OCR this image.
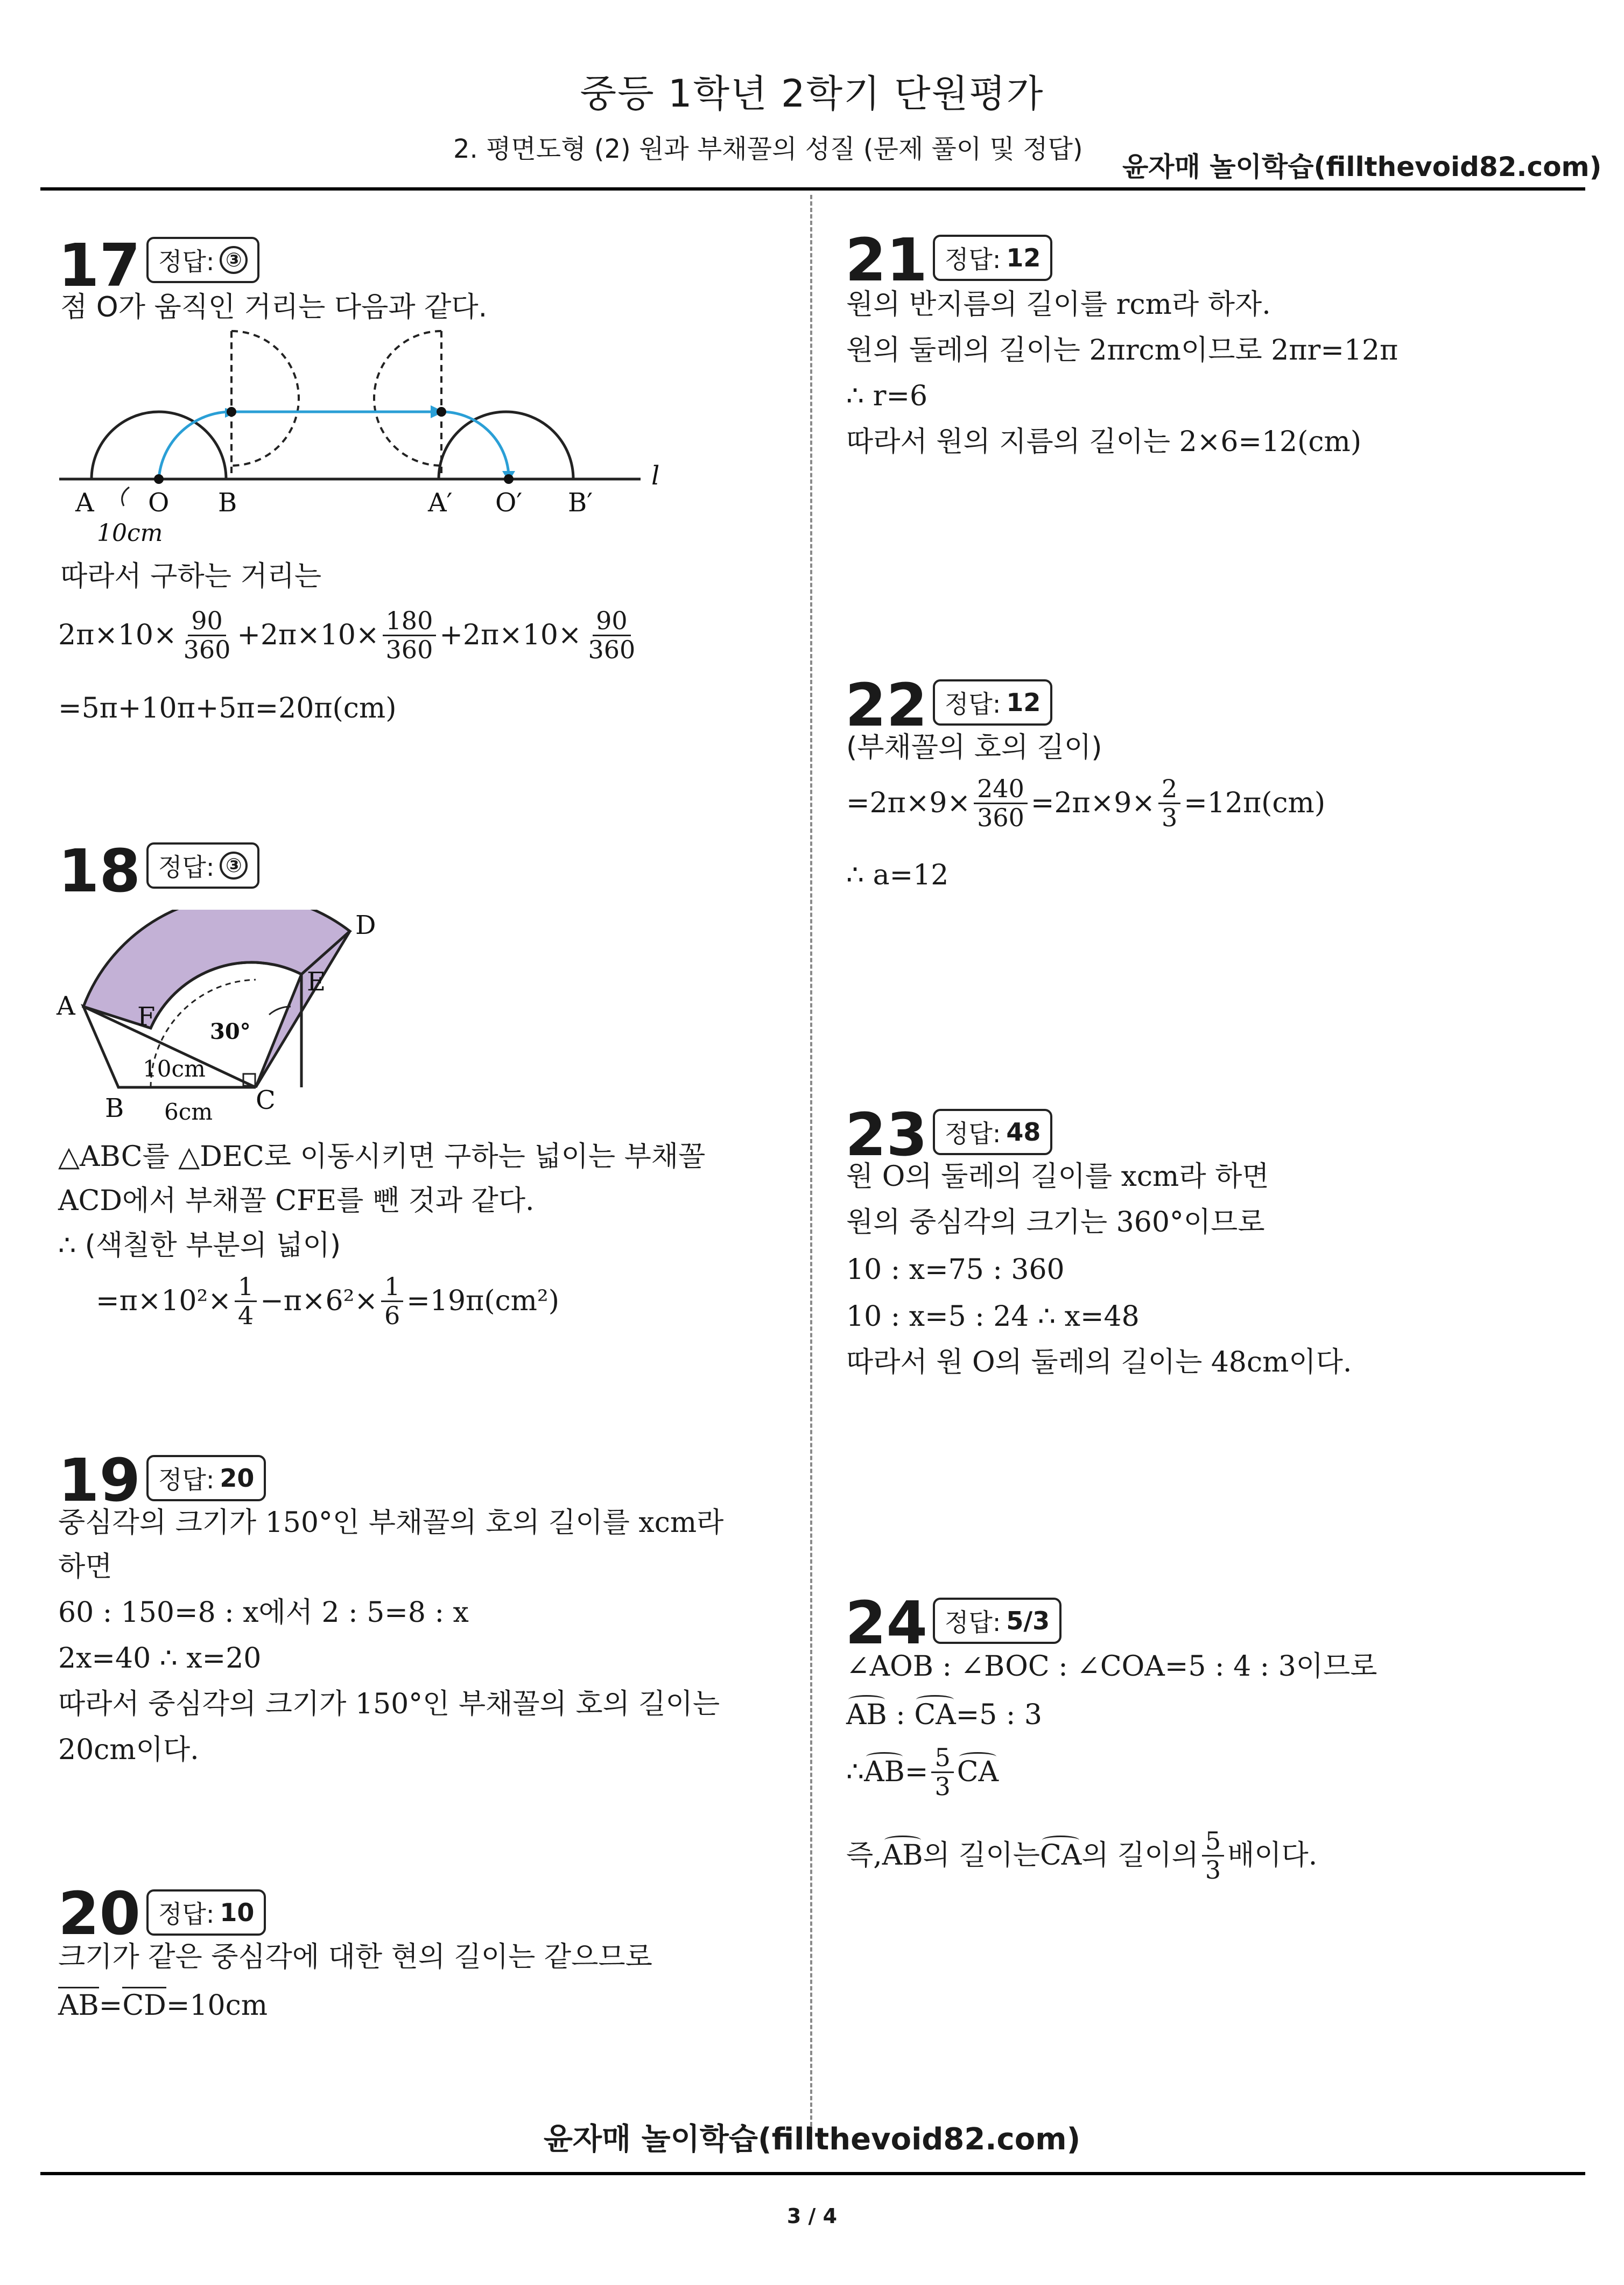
중등 1학년 2학기 단원평가
2. 평면도형 (2) 원과 부채꼴의 성질 (문제 풀이 및 정답)
윤자매 놀이학습(fillthevoid82.com)
17 정답: ③
점 O가 움직인 거리는 다음과 같다.
A O B	A′ O′ B′
l
10cm
따라서 구하는 거리는
$2\pi\times 10\times \frac{90}{360} +2\pi\times 10\times \frac{180}{360} +2\pi\times 10\times \frac{90}{360}$
=5π+10π+5π=20π(cm)
18 정답: ③
A
B	C
D
E
F	30°
10cm
6cm
△ABC를 △DEC로 이동시키면 구하는 넓이는 부채꼴
ACD에서 부채꼴 CFE를 뺀 것과 같다.
∴ (색칠한 부분의 넓이)
$=\pi\times 10^2\times \frac{1}{4} -\pi\times 6^2\times \frac{1}{6} =19\pi(cm^2)$
19 정답: 20
중심각의 크기가 150°인 부채꼴의 호의 길이를 xcm라
하면
60 : 150=8 : x에서 2 : 5=8 : x
2x=40 ∴ x=20
따라서 중심각의 크기가 150°인 부채꼴의 호의 길이는
20cm이다.
20 정답: 10
크기가 같은 중심각에 대한 현의 길이는 같으므로
AB=CD=10cm
21 정답: 12
원의 반지름의 길이를 rcm라 하자.
원의 둘레의 길이는 2πrcm이므로 2πr=12π
∴ r=6
따라서 원의 지름의 길이는 2×6=12(cm)
22 정답: 12
(부채꼴의 호의 길이)
$=2\pi\times 9\times \frac{240}{360} =2\pi\times 9\times \frac{2}{3} =12\pi(cm)$
∴ a=12
23 정답: 48
원 O의 둘레의 길이를 xcm라 하면
원의 중심각의 크기는 360°이므로
10 : x=75 : 360
10 : x=5 : 24 ∴ x=48
따라서 원 O의 둘레의 길이는 48cm이다.
24 정답: 5/3
∠AOB : ∠BOC : ∠COA=5 : 4 : 3이므로
AB : CA=5 : 3
∴ AB = $\frac{5}{3}$ CA
즉, AB 의 길이는 CA 의 길이의 $\frac{5}{3}$ 배이다.
윤자매 놀이학습(fillthevoid82.com)
3 / 4
